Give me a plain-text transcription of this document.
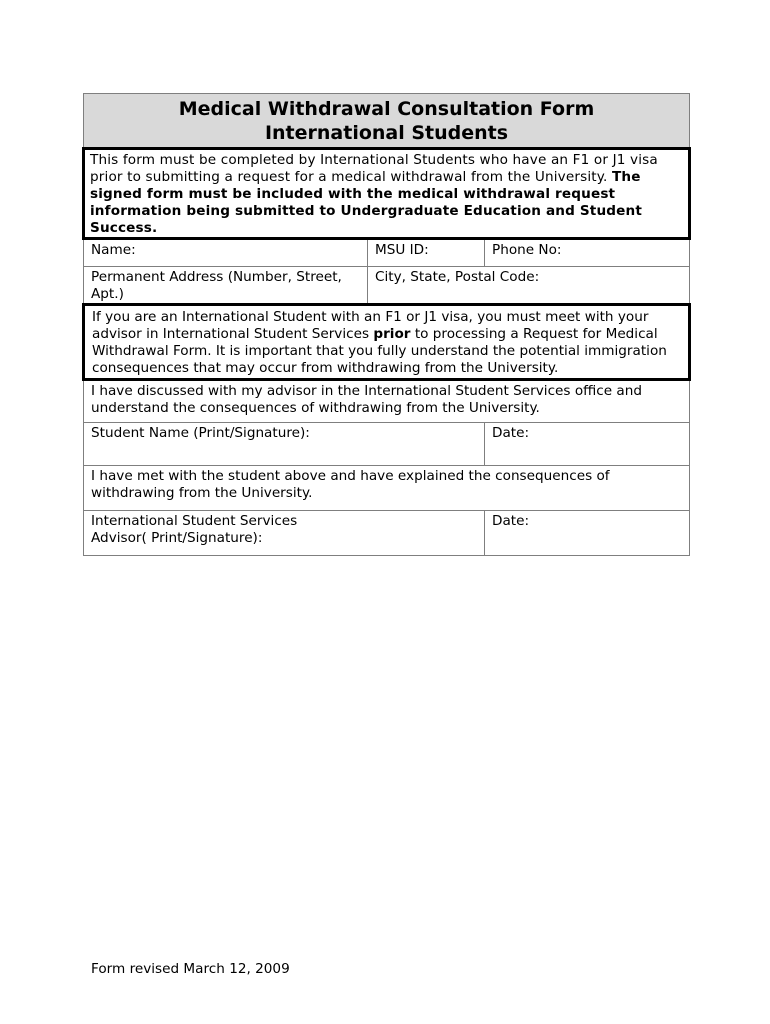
Medical Withdrawal Consultation Form
International Students		

This form must be completed by International Students who have an F1 or J1 visa prior to submitting a request for a medical withdrawal from the University. The signed form must be included with the medical withdrawal request information being submitted to Undergraduate Education and Student Success.		

Name:	MSU ID:	Phone No:

Permanent Address (Number, Street, Apt.)	City, State, Postal Code:	

If you are an International Student with an F1 or J1 visa, you must meet with your advisor in International Student Services prior to processing a Request for Medical Withdrawal Form. It is important that you fully understand the potential immigration consequences that may occur from withdrawing from the University.		

I have discussed with my advisor in the International Student Services office and understand the consequences of withdrawing from the University.		

Student Name (Print/Signature):		Date:

I have met with the student above and have explained the consequences of withdrawing from the University.		

International Student Services
Advisor( Print/Signature):		Date:
Form revised March 12, 2009
